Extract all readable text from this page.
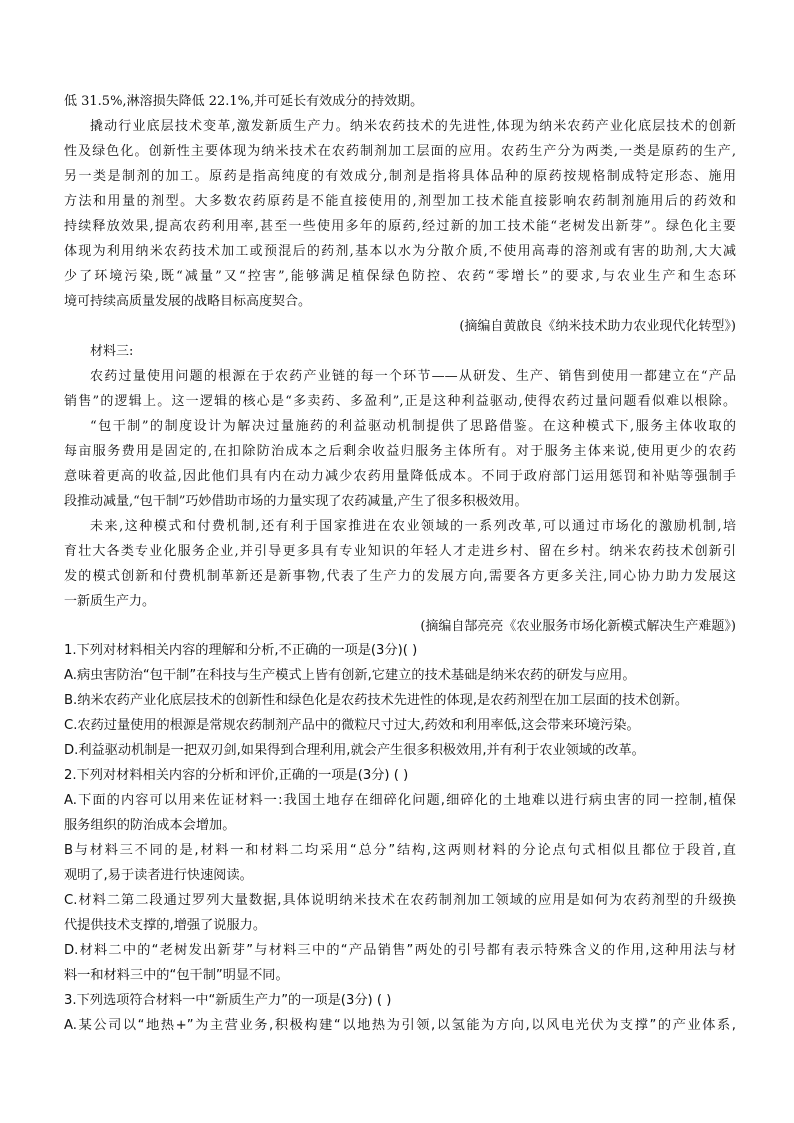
低 31.5%,淋溶损失降低 22.1%,并可延长有效成分的持效期。
撬动行业底层技术变革,激发新质生产力。纳米农药技术的先进性,体现为纳米农药产业化底层技术的创新
性及绿色化。创新性主要体现为纳米技术在农药制剂加工层面的应用。农药生产分为两类,一类是原药的生产,
另一类是制剂的加工。原药是指高纯度的有效成分,制剂是指将具体品种的原药按规格制成特定形态、施用
方法和用量的剂型。大多数农药原药是不能直接使用的,剂型加工技术能直接影响农药制剂施用后的药效和
持续释放效果,提高农药利用率,甚至一些使用多年的原药,经过新的加工技术能“老树发出新芽”。绿色化主要
体现为利用纳米农药技术加工或预混后的药剂,基本以水为分散介质,不使用高毒的溶剂或有害的助剂,大大减
少了环境污染,既“减量”又“控害”,能够满足植保绿色防控、农药“零增长”的要求,与农业生产和生态环
境可持续高质量发展的战略目标高度契合。
(摘编自黄啟良《纳米技术助力农业现代化转型》)
材料三:
农药过量使用问题的根源在于农药产业链的每一个环节——从研发、生产、销售到使用一都建立在“产品
销售”的逻辑上。这一逻辑的核心是“多卖药、多盈利”,正是这种利益驱动,使得农药过量问题看似难以根除。
“包干制”的制度设计为解决过量施药的利益驱动机制提供了思路借鉴。在这种模式下,服务主体收取的
每亩服务费用是固定的,在扣除防治成本之后剩余收益归服务主体所有。对于服务主体来说,使用更少的农药
意味着更高的收益,因此他们具有内在动力减少农药用量降低成本。不同于政府部门运用惩罚和补贴等强制手
段推动减量,“包干制”巧妙借助市场的力量实现了农药减量,产生了很多积极效用。
未来,这种模式和付费机制,还有利于国家推进在农业领域的一系列改革,可以通过市场化的激励机制,培
育壮大各类专业化服务企业,并引导更多具有专业知识的年轻人才走进乡村、留在乡村。纳米农药技术创新引
发的模式创新和付费机制革新还是新事物,代表了生产力的发展方向,需要各方更多关注,同心协力助力发展这
一新质生产力。
(摘编自郜亮亮《农业服务市场化新模式解决生产难题》)
1.下列对材料相关内容的理解和分析,不正确的一项是(3分)( )
A.病虫害防治“包干制”在科技与生产模式上皆有创新,它建立的技术基础是纳米农药的研发与应用。
B.纳米农药产业化底层技术的创新性和绿色化是农药技术先进性的体现,是农药剂型在加工层面的技术创新。
C.农药过量使用的根源是常规农药制剂产品中的微粒尺寸过大,药效和利用率低,这会带来环境污染。
D.利益驱动机制是一把双刃剑,如果得到合理利用,就会产生很多积极效用,并有利于农业领域的改革。
2.下列对材料相关内容的分析和评价,正确的一项是(3分) ( )
A.下面的内容可以用来佐证材料一:我国土地存在细碎化问题,细碎化的土地难以进行病虫害的同一控制,植保
服务组织的防治成本会增加。
B与材料三不同的是,材料一和材料二均采用“总分”结构,这两则材料的分论点句式相似且都位于段首,直
观明了,易于读者进行快速阅读。
C.材料二第二段通过罗列大量数据,具体说明纳米技术在农药制剂加工领域的应用是如何为农药剂型的升级换
代提供技术支撑的,增强了说服力。
D.材料二中的“老树发出新芽”与材料三中的“产品销售”两处的引号都有表示特殊含义的作用,这种用法与材
料一和材料三中的“包干制”明显不同。
3.下列选项符合材料一中“新质生产力”的一项是(3分) ( )
A.某公司以“地热+”为主营业务,积极构建“以地热为引领,以氢能为方向,以风电光伏为支撑”的产业体系,
